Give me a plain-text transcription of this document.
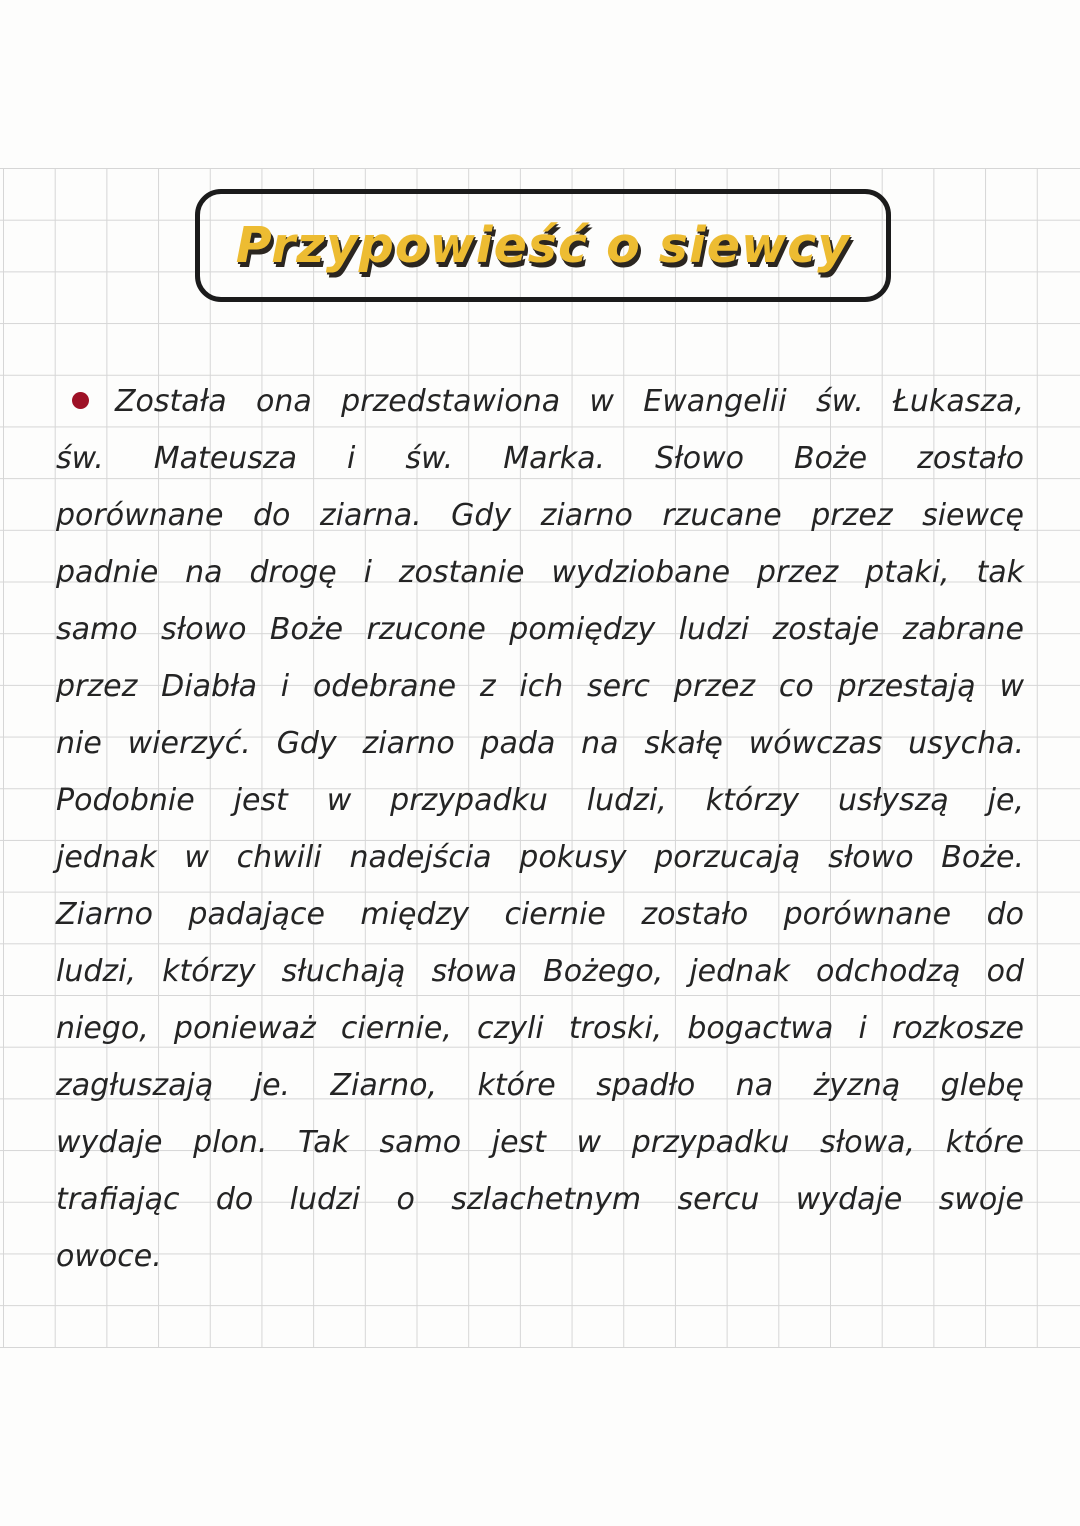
Przypowieść o siewcy
Została ona przedstawiona w Ewangelii św. Łukasza,
św. Mateusza i św. Marka. Słowo Boże zostało
porównane do ziarna. Gdy ziarno rzucane przez siewcę
padnie na drogę i zostanie wydziobane przez ptaki, tak
samo słowo Boże rzucone pomiędzy ludzi zostaje zabrane
przez Diabła i odebrane z ich serc przez co przestają w
nie wierzyć. Gdy ziarno pada na skałę wówczas usycha.
Podobnie jest w przypadku ludzi, którzy usłyszą je,
jednak w chwili nadejścia pokusy porzucają słowo Boże.
Ziarno padające między ciernie zostało porównane do
ludzi, którzy słuchają słowa Bożego, jednak odchodzą od
niego, ponieważ ciernie, czyli troski, bogactwa i rozkosze
zagłuszają je. Ziarno, które spadło na żyzną glebę
wydaje plon. Tak samo jest w przypadku słowa, które
trafiając do ludzi o szlachetnym sercu wydaje swoje
owoce.
